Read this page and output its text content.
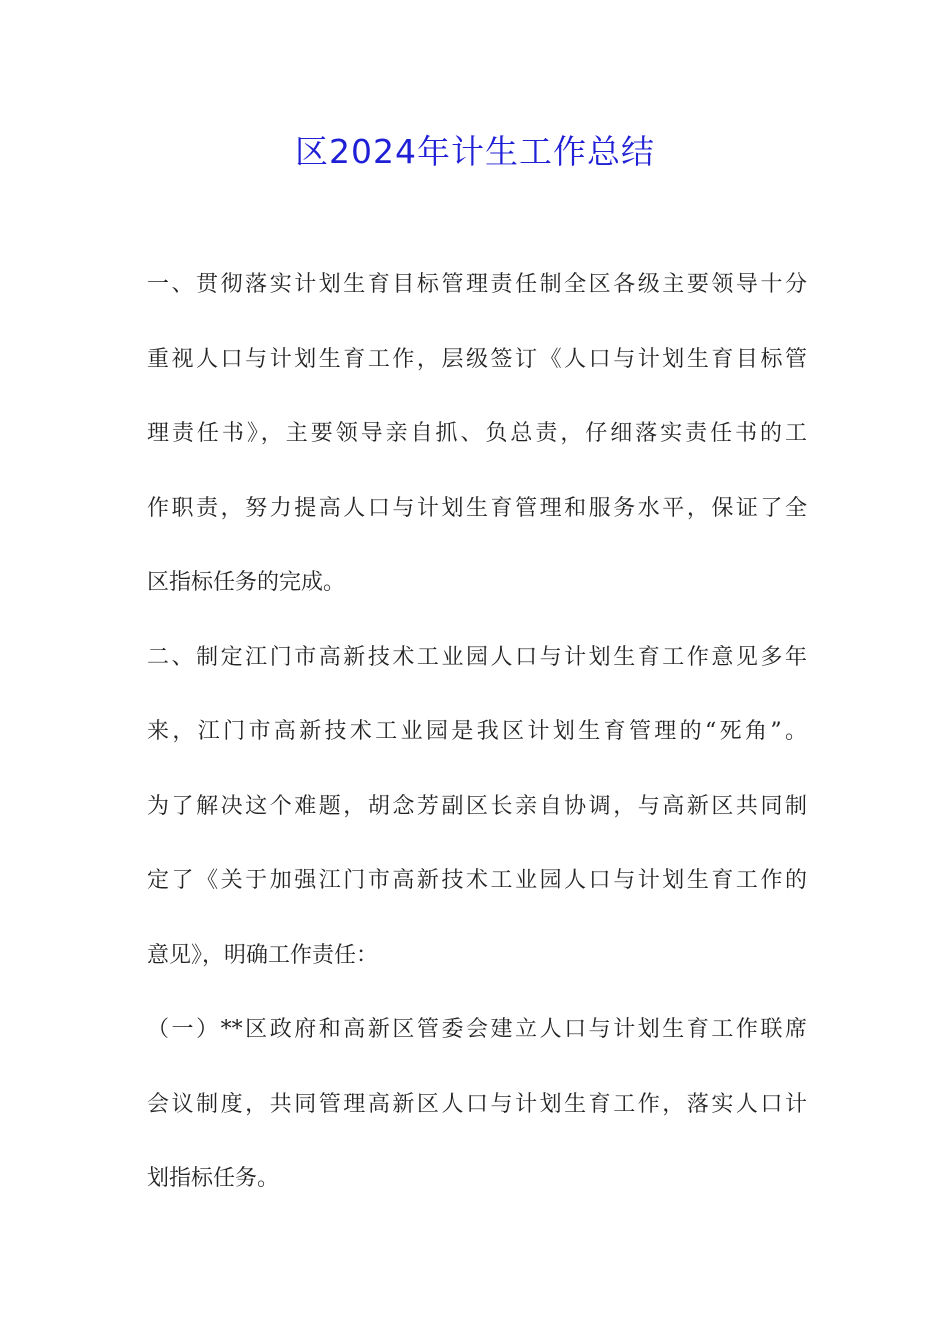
区2024年计生工作总结

一、贯彻落实计划生育目标管理责任制全区各级主要领导十分

重视人口与计划生育工作，层级签订《人口与计划生育目标管

理责任书》，主要领导亲自抓、负总责，仔细落实责任书的工

作职责，努力提高人口与计划生育管理和服务水平，保证了全

区指标任务的完成。

二、制定江门市高新技术工业园人口与计划生育工作意见多年

来，江门市高新技术工业园是我区计划生育管理的“死角”。

为了解决这个难题，胡念芳副区长亲自协调，与高新区共同制

定了《关于加强江门市高新技术工业园人口与计划生育工作的

意见》，明确工作责任：

（一）**区政府和高新区管委会建立人口与计划生育工作联席

会议制度，共同管理高新区人口与计划生育工作，落实人口计

划指标任务。
